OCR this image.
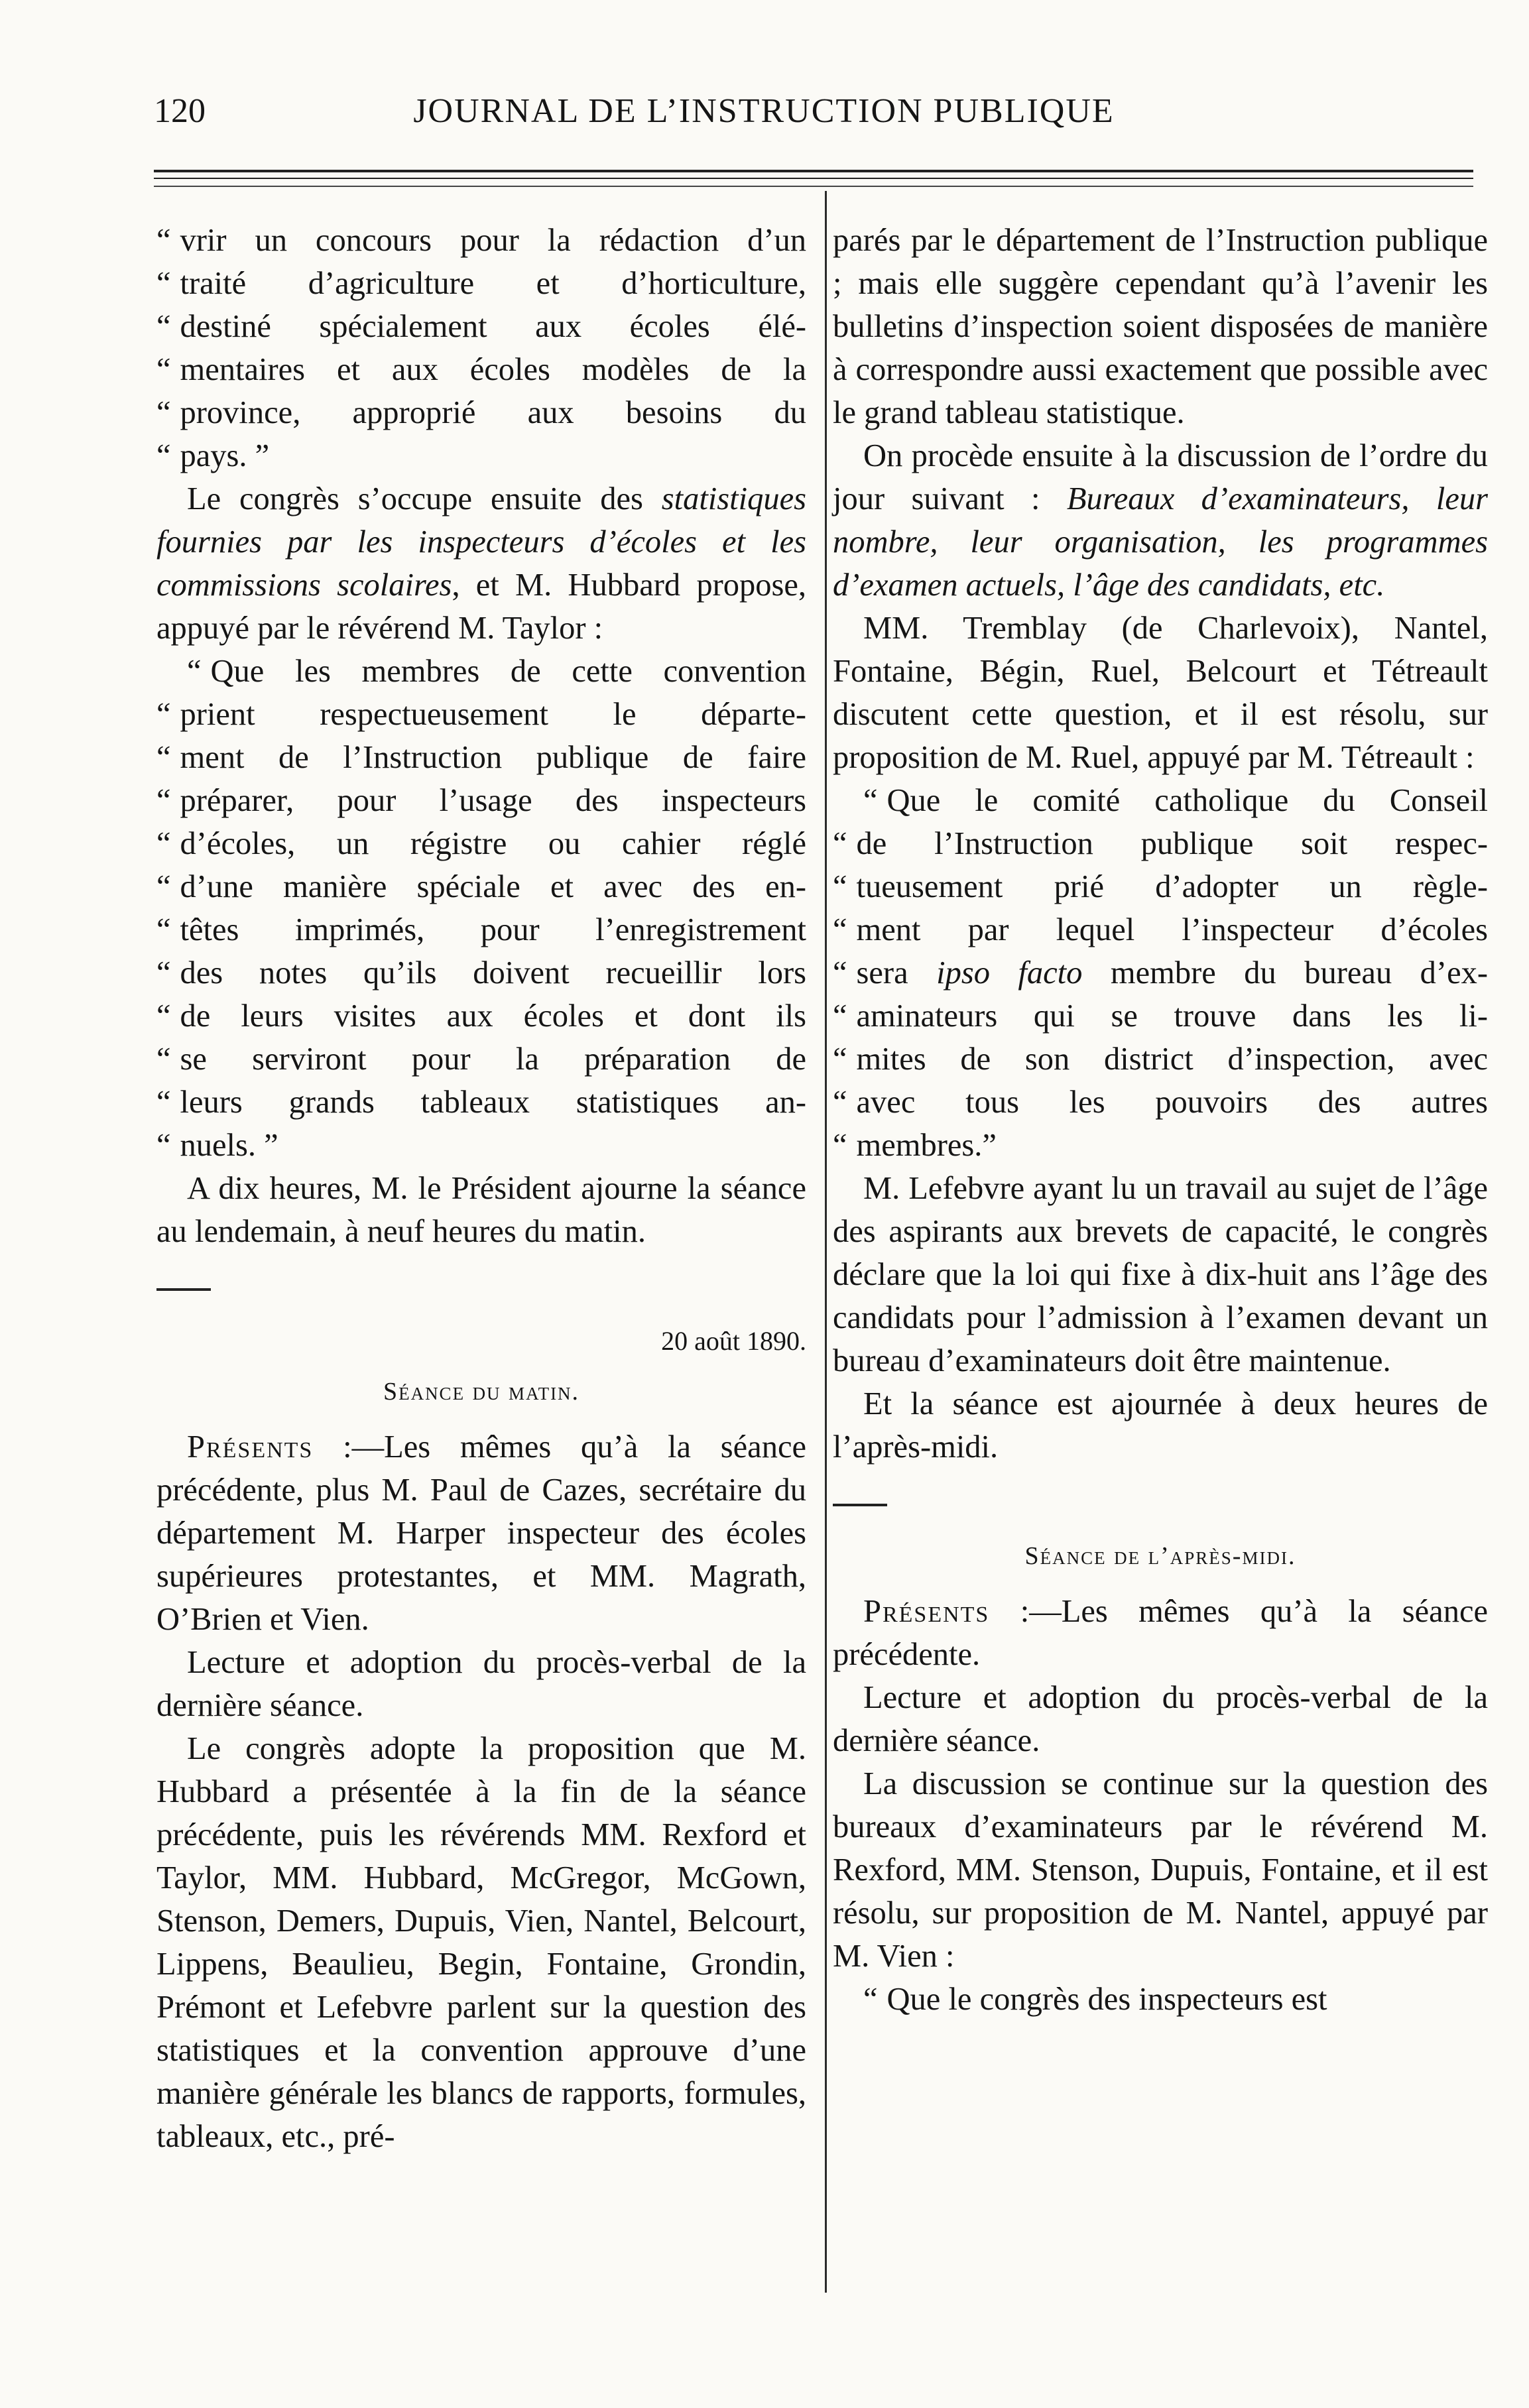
120	JOURNAL DE L’INSTRUCTION PUBLIQUE
“ vrir un concours pour la rédaction d’un
“ traité d’agriculture et d’horticulture,
“ destiné spécialement aux écoles élé-
“ mentaires et aux écoles modèles de la
“ province, approprié aux besoins du
“ pays. ”

Le congrès s’occupe ensuite des statistiques fournies par les inspecteurs d’écoles et les commissions scolaires, et M. Hubbard propose, appuyé par le révérend M. Taylor :

“ Que les membres de cette convention
“ prient respectueusement le départe-
“ ment de l’Instruction publique de faire
“ préparer, pour l’usage des inspecteurs
“ d’écoles, un régistre ou cahier réglé
“ d’une manière spéciale et avec des en-
“ têtes imprimés, pour l’enregistrement
“ des notes qu’ils doivent recueillir lors
“ de leurs visites aux écoles et dont ils
“ se serviront pour la préparation de
“ leurs grands tableaux statistiques an-
“ nuels. ”

A dix heures, M. le Président ajourne la séance au lendemain, à neuf heures du matin.

20 août 1890.

Séance du matin.

Présents :—Les mêmes qu’à la séance précédente, plus M. Paul de Cazes, secrétaire du département M. Harper inspecteur des écoles supérieures protestantes, et MM. Magrath, O’Brien et Vien.

Lecture et adoption du procès-verbal de la dernière séance.

Le congrès adopte la proposition que M. Hubbard a présentée à la fin de la séance précédente, puis les révérends MM. Rexford et Taylor, MM. Hubbard, McGregor, McGown, Stenson, Demers, Dupuis, Vien, Nantel, Belcourt, Lippens, Beaulieu, Begin, Fontaine, Grondin, Prémont et Lefebvre parlent sur la question des statistiques et la convention approuve d’une manière générale les blancs de rapports, formules, tableaux, etc., pré-

parés par le département de l’Instruction publique ; mais elle suggère cependant qu’à l’avenir les bulletins d’inspection soient disposées de manière à correspondre aussi exactement que possible avec le grand tableau statistique.

On procède ensuite à la discussion de l’ordre du jour suivant : Bureaux d’examinateurs, leur nombre, leur organisation, les programmes d’examen actuels, l’âge des candidats, etc.

MM. Tremblay (de Charlevoix), Nantel, Fontaine, Bégin, Ruel, Belcourt et Tétreault discutent cette question, et il est résolu, sur proposition de M. Ruel, appuyé par M. Tétreault :

“ Que le comité catholique du Conseil
“ de l’Instruction publique soit respec-
“ tueusement prié d’adopter un règle-
“ ment par lequel l’inspecteur d’écoles
“ sera ipso facto membre du bureau d’ex-
“ aminateurs qui se trouve dans les li-
“ mites de son district d’inspection, avec
“ avec tous les pouvoirs des autres
“ membres.”

M. Lefebvre ayant lu un travail au sujet de l’âge des aspirants aux brevets de capacité, le congrès déclare que la loi qui fixe à dix-huit ans l’âge des candidats pour l’admission à l’examen devant un bureau d’examinateurs doit être maintenue.

Et la séance est ajournée à deux heures de l’après-midi.

Séance de l’après-midi.

Présents :—Les mêmes qu’à la séance précédente.

Lecture et adoption du procès-verbal de la dernière séance.

La discussion se continue sur la question des bureaux d’examinateurs par le révérend M. Rexford, MM. Stenson, Dupuis, Fontaine, et il est résolu, sur proposition de M. Nantel, appuyé par M. Vien :

“ Que le congrès des inspecteurs est
